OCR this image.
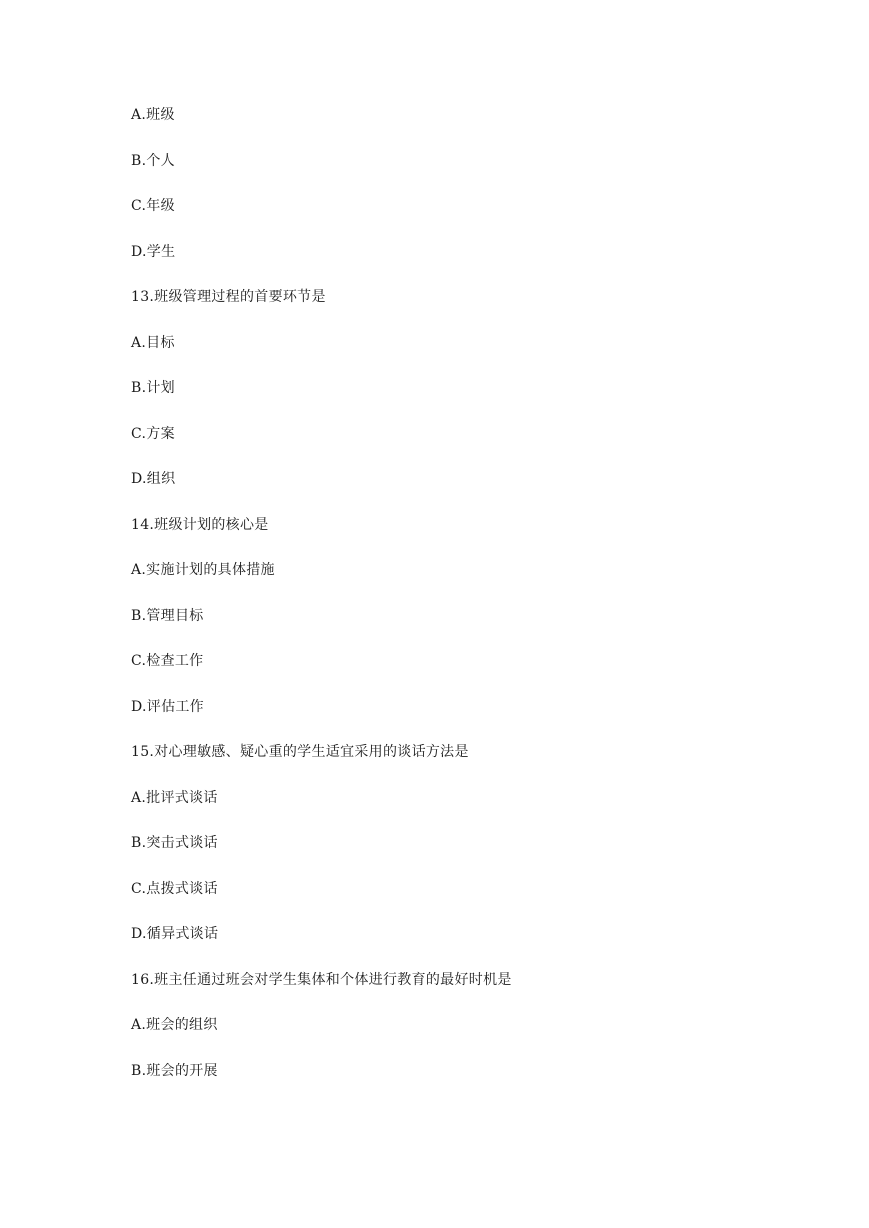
A.班级
B.个人
C.年级
D.学生
13.班级管理过程的首要环节是
A.目标
B.计划
C.方案
D.组织
14.班级计划的核心是
A.实施计划的具体措施
B.管理目标
C.检查工作
D.评估工作
15.对心理敏感、疑心重的学生适宜采用的谈话方法是
A.批评式谈话
B.突击式谈话
C.点拨式谈话
D.循异式谈话
16.班主任通过班会对学生集体和个体进行教育的最好时机是
A.班会的组织
B.班会的开展
